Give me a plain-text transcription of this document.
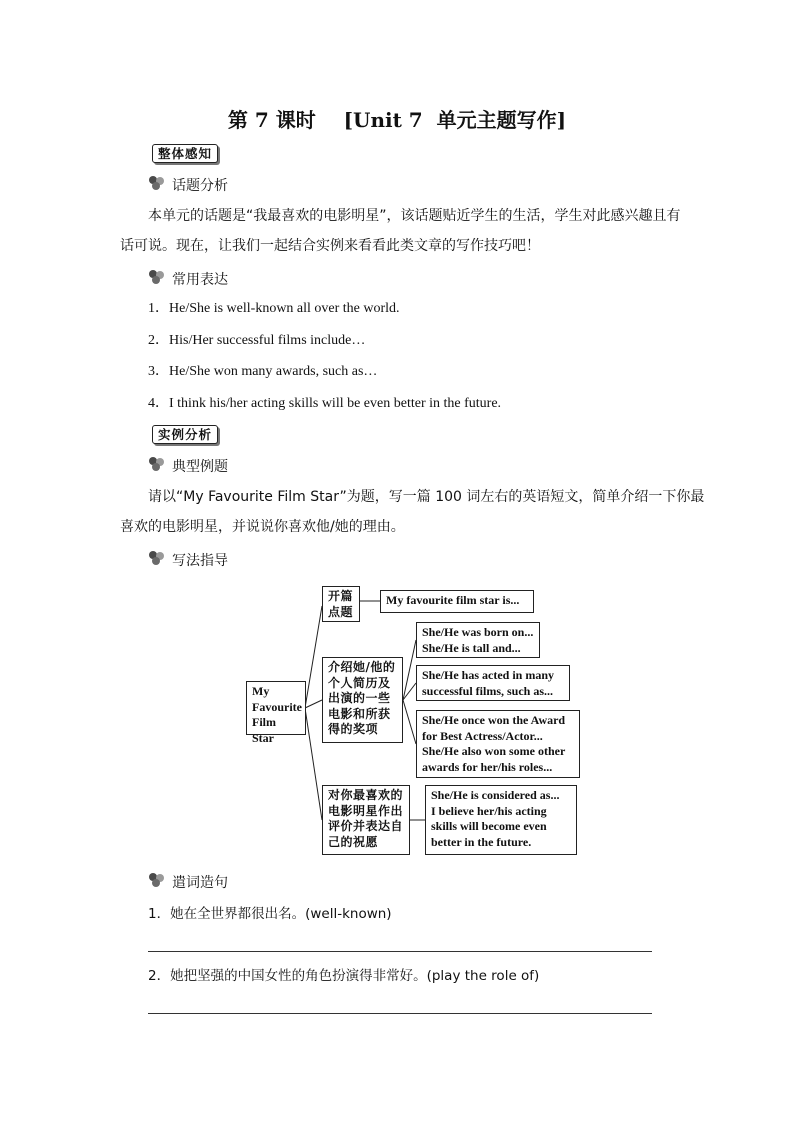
第 7 课时    [Unit 7  单元主题写作]
整体感知
话题分析
本单元的话题是“我最喜欢的电影明星”，该话题贴近学生的生活，学生对此感兴趣且有
话可说。现在，让我们一起结合实例来看看此类文章的写作技巧吧！
常用表达
1．He/She is well-known all over the world.
2．His/Her successful films include…
3．He/She won many awards, such as…
4．I think his/her acting skills will be even better in the future.
实例分析
典型例题
请以“My Favourite Film Star”为题，写一篇 100 词左右的英语短文，简单介绍一下你最
喜欢的电影明星，并说说你喜欢他/她的理由。
写法指导
My
Favourite
Film Star
开篇
点题
介绍她/他的
个人简历及
出演的一些
电影和所获
得的奖项
对你最喜欢的
电影明星作出
评价并表达自
己的祝愿
My favourite film star is...
She/He was born on...
She/He is tall and...
She/He has acted in many
successful films, such as...
She/He once won the Award
for Best Actress/Actor...
She/He also won some other
awards for her/his roles...
She/He is considered as...
I believe her/his acting
skills will become even
better in the future.
遣词造句
1．她在全世界都很出名。(well-known)
2．她把坚强的中国女性的角色扮演得非常好。(play the role of)
